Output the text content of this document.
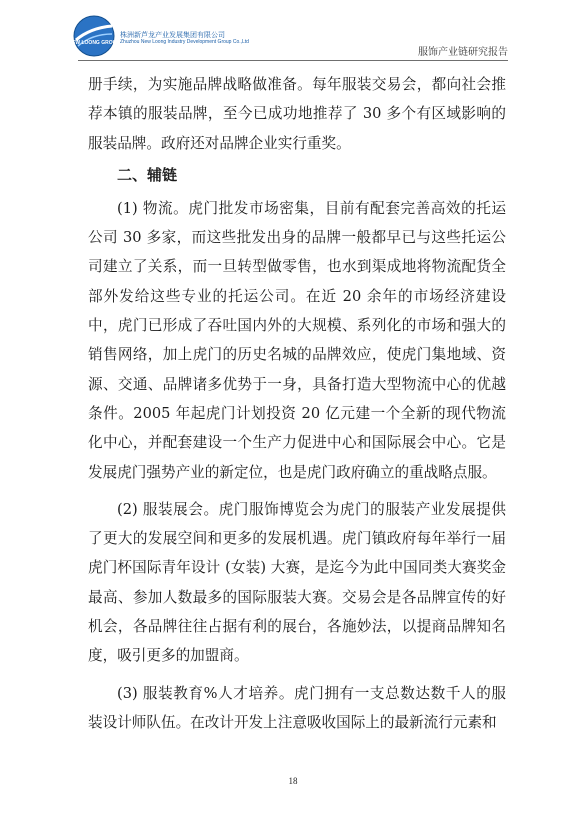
NEW LOONG GROUP
株洲新芦龙产业发展集团有限公司
Zhuzhou New Loong Industry Development Group Co.,Ltd
服饰产业链研究报告

册手续，为实施品牌战略做准备。每年服装交易会，都向社会推荐本镇的服装品牌，至今已成功地推荐了 30 多个有区域影响的服装品牌。政府还对品牌企业实行重奖。

二、辅链

(1) 物流。虎门批发市场密集，目前有配套完善高效的托运公司 30 多家，而这些批发出身的品牌一般都早已与这些托运公司建立了关系，而一旦转型做零售，也水到渠成地将物流配货全部外发给这些专业的托运公司。在近 20 余年的市场经济建设中，虎门已形成了吞吐国内外的大规模、系列化的市场和强大的销售网络，加上虎门的历史名城的品牌效应，使虎门集地域、资源、交通、品牌诸多优势于一身，具备打造大型物流中心的优越条件。2005 年起虎门计划投资 20 亿元建一个全新的现代物流化中心，并配套建设一个生产力促进中心和国际展会中心。它是发展虎门强势产业的新定位，也是虎门政府确立的重战略点服。

(2) 服装展会。虎门服饰博览会为虎门的服装产业发展提供了更大的发展空间和更多的发展机遇。虎门镇政府每年举行一届虎门杯国际青年设计 (女装) 大赛，是迄今为此中国同类大赛奖金最高、参加人数最多的国际服装大赛。交易会是各品牌宣传的好机会，各品牌往往占据有利的展台，各施妙法，以提商品牌知名度，吸引更多的加盟商。

(3) 服装教育%人才培养。虎门拥有一支总数达数千人的服装设计师队伍。在改计开发上注意吸收国际上的最新流行元素和

18
